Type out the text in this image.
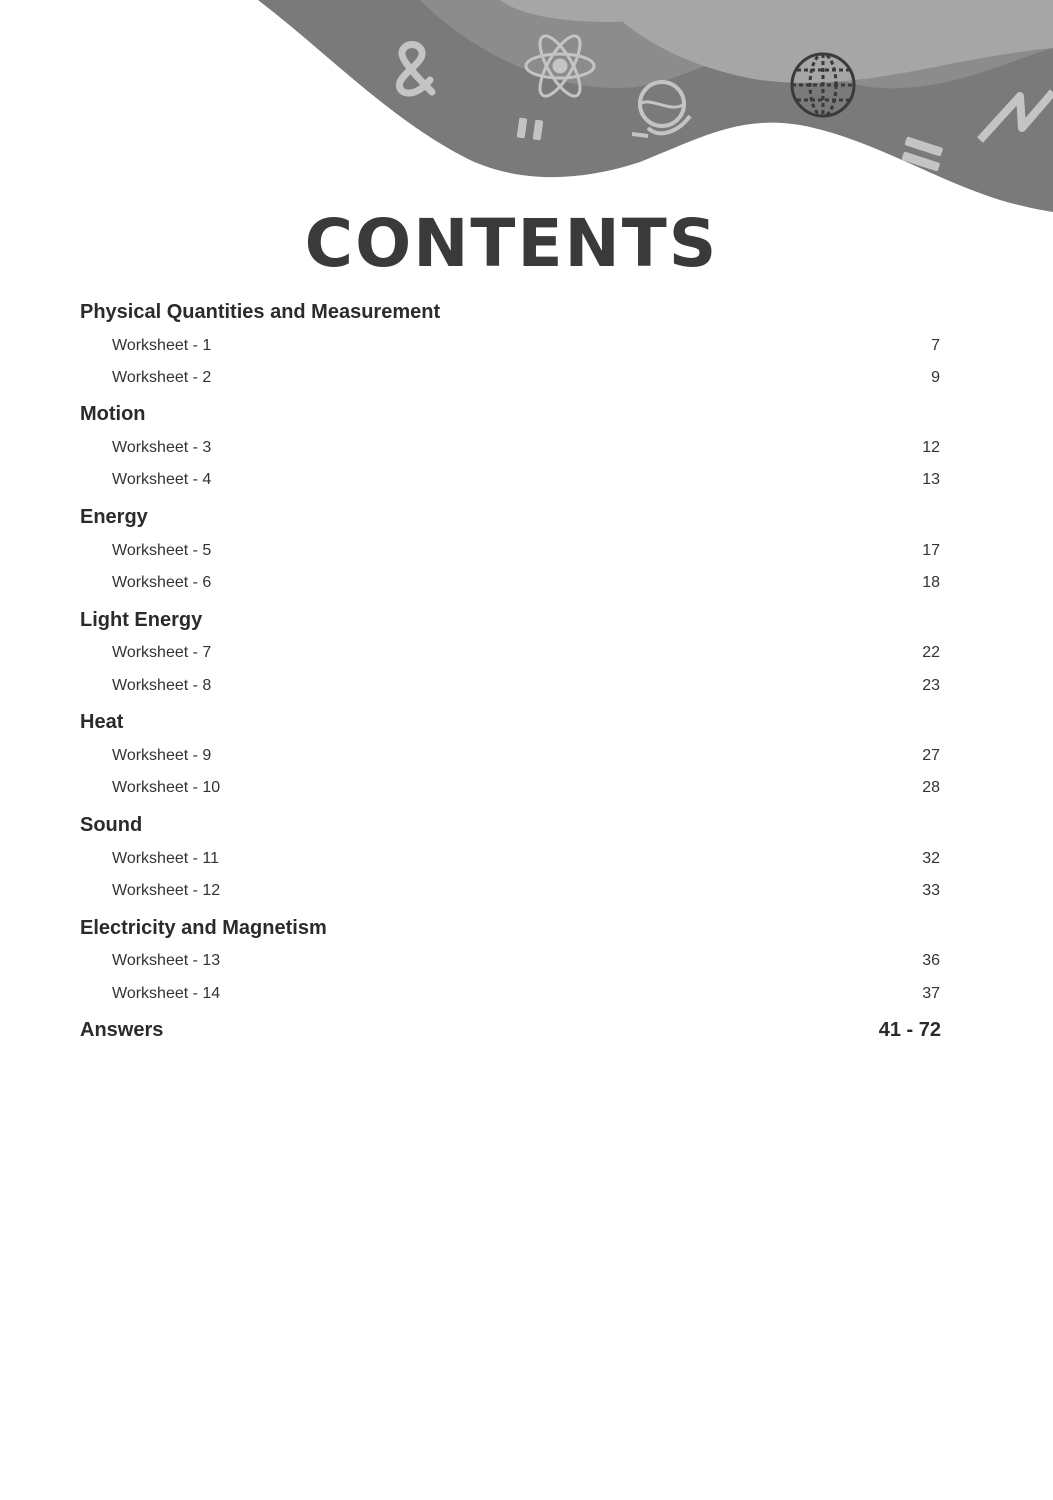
CONTENTS
Physical Quantities and Measurement
Worksheet - 1	7
Worksheet - 2	9
Motion
Worksheet - 3	12
Worksheet - 4	13
Energy
Worksheet - 5	17
Worksheet - 6	18
Light Energy
Worksheet - 7	22
Worksheet - 8	23
Heat
Worksheet - 9	27
Worksheet - 10	28
Sound
Worksheet - 11	32
Worksheet - 12	33
Electricity and Magnetism
Worksheet - 13	36
Worksheet - 14	37
Answers	41 - 72
